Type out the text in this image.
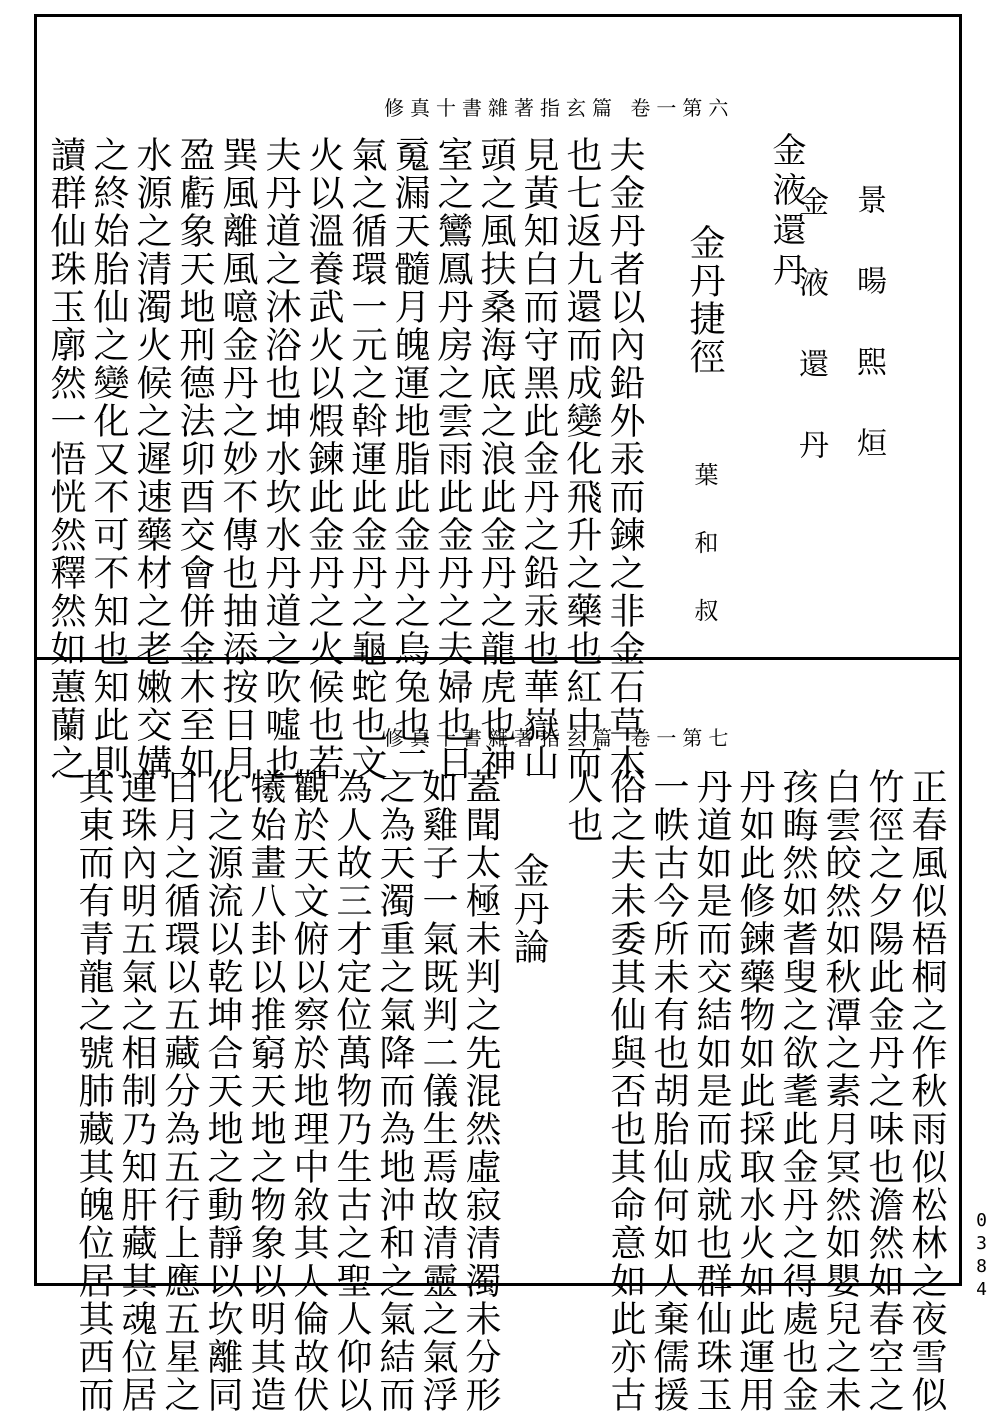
修真十書雜著指玄篇 卷一第六
金液還丹 景 暘 𤋮 烜
金 液 還 丹
金丹捷徑
葉 和 叔
夫金丹者以內鉛外汞而鍊之非金石草木
也七返九還而成變化飛升之藥也紅中而
見黃知白而守黑此金丹之鉛汞也華嶽山
頭之風扶桑海底之浪此金丹之龍虎也神
室之鸞鳳丹房之雲雨此金丹之夫婦也日
䰟漏天髓月魄運地脂此金丹之烏兔也二
氣之循環一元之斡運此金丹之龜蛇也文
火以溫養武火以煆鍊此金丹之火候也若
夫丹道之沐浴也坤水坎水丹道之吹噓也
巽風離風噫金丹之妙不傳也抽添按日月
盈虧象天地刑德法卯酉交會併金木至如
水源之清濁火候之遲速藥材之老嫩交媾
之終始胎仙之變化又不可不知也知此則
讀群仙珠玉廓然一悟恍然釋然如蕙蘭之	修真十書雜著指玄篇 卷一第七
正春風似梧桐之作秋雨似松林之夜雪似
竹徑之夕陽此金丹之味也澹然如春空之
白雲皎然如秋潭之素月冥然如嬰兒之未
孩晦然如耆叟之欲耄此金丹之得處也金
丹如此修鍊藥物如此採取水火如此運用
丹道如是而交結如是而成就也群仙珠玉
一帙古今所未有也胡胎仙何如人棄儒援
俗之夫未委其仙與否也其命意如此亦古
人也
金丹論
蓋聞太極未判之先混然虛寂清濁未分形
如雞子一氣既判二儀生焉故清靈之氣浮
之為天濁重之氣降而為地沖和之氣結而
為人故三才定位萬物乃生古之聖人仰以
觀於天文俯以察於地理中敘其人倫故伏
犧始畫八卦以推窮天地之物象以明其造
化之源流以乾坤合天地之動靜以坎離同
日月之循環以五藏分為五行上應五星之
連珠內明五氣之相制乃知肝藏其魂位居
其東而有青龍之號肺藏其魄位居其西而	0384
